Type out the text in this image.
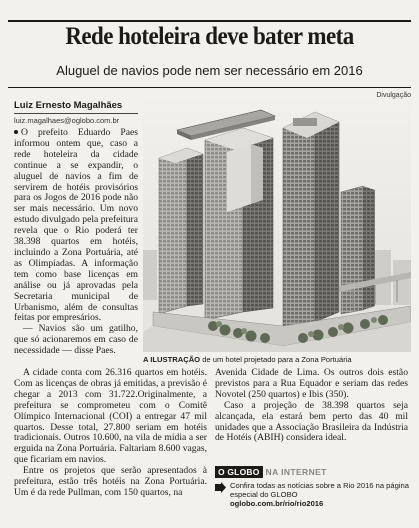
Rede hoteleira deve bater meta
Aluguel de navios pode nem ser necessário em 2016
Divulgação
Luiz Ernesto Magalhães
luiz.magalhaes@oglobo.com.br

O prefeito Eduardo Paes informou ontem que, caso a rede hoteleira da cidade continue a se expandir, o aluguel de navios a fim de servirem de hotéis provisórios para os Jogos de 2016 pode não ser mais necessário. Um novo estudo divulgado pela prefeitura revela que o Rio poderá ter 38.398 quartos em hotéis, incluindo a Zona Portuária, até as Olimpíadas. A informação tem como base licenças em análise ou já aprovadas pela Secretaria municipal de Urbanismo, além de consultas feitas por empresários.

— Navios são um gatilho, que só acionaremos em caso de necessidade — disse Paes.

A ILUSTRAÇÃO de um hotel projetado para a Zona Portuária

A cidade conta com 26.316 quartos em hotéis. Com as licenças de obras já emitidas, a previsão é chegar a 2013 com 31.722.Originalmente, a prefeitura se comprometeu com o Comitê Olímpico Internacional (COI) a entregar 47 mil quartos. Desse total, 27.800 seriam em hotéis tradicionais. Outros 10.600, na vila de mídia a ser erguida na Zona Portuária. Faltariam 8.600 vagas, que ficariam em navios.

Entre os projetos que serão apresentados à prefeitura, estão três hotéis na Zona Portuária. Um é da rede Pullman, com 150 quartos, na

Avenida Cidade de Lima. Os outros dois estão previstos para a Rua Equador e seriam das redes Novotel (250 quartos) e Ibis (350).

Caso a projeção de 38.398 quartos seja alcançada, ela estará bem perto das 40 mil unidades que a Associação Brasileira da Indústria de Hotéis (ABIH) considera ideal.

O GLOBO NA INTERNET
Confira todas as notícias sobre a Rio 2016 na página especial do GLOBO
oglobo.com.br/rio/rio2016
